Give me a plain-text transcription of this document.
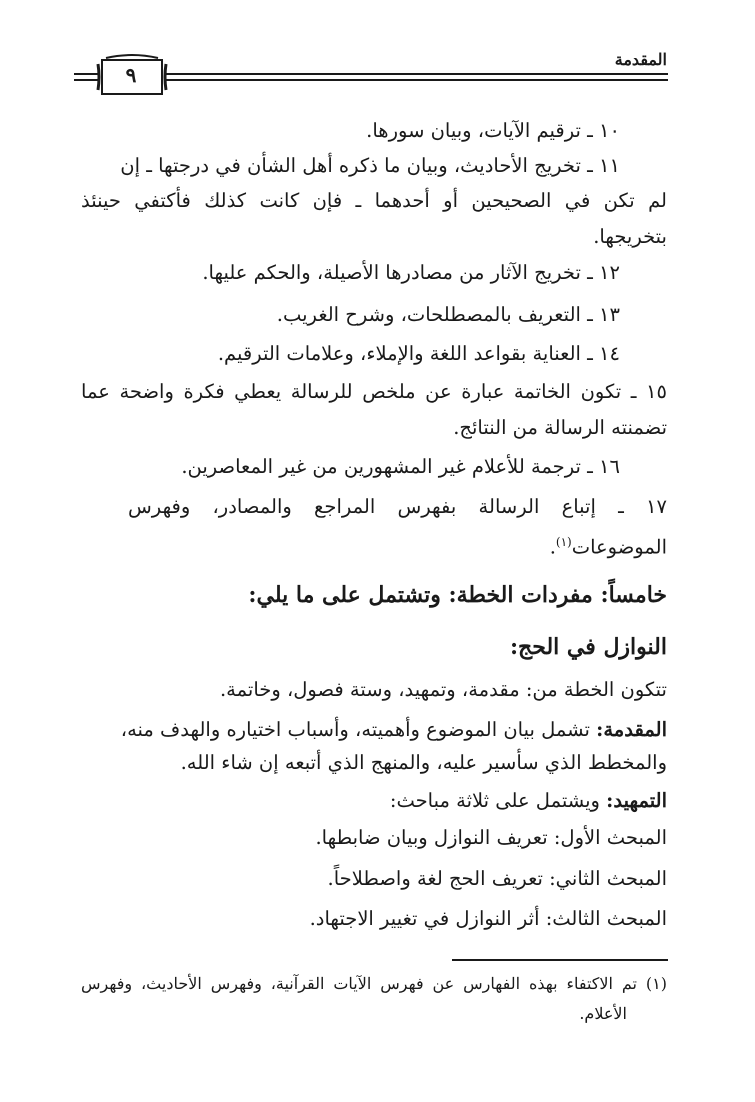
المقدمة
٩
١٠ ـ ترقيم الآيات، وبيان سورها.
١١ ـ تخريج الأحاديث، وبيان ما ذكره أهل الشأن في درجتها ـ إن
لم تكن في الصحيحين أو أحدهما ـ فإن كانت كذلك فأكتفي حينئذ
بتخريجها.
١٢ ـ تخريج الآثار من مصادرها الأصيلة، والحكم عليها.
١٣ ـ التعريف بالمصطلحات، وشرح الغريب.
١٤ ـ العناية بقواعد اللغة والإملاء، وعلامات الترقيم.
١٥ ـ تكون الخاتمة عبارة عن ملخص للرسالة يعطي فكرة واضحة عما
تضمنته الرسالة من النتائج.
١٦ ـ ترجمة للأعلام غير المشهورين من غير المعاصرين.
١٧ ـ إتباع الرسالة بفهرس المراجع والمصادر، وفهرس
الموضوعات$^{(١)}$.
خامساً: مفردات الخطة: وتشتمل على ما يلي:
النوازل في الحج:
تتكون الخطة من: مقدمة، وتمهيد، وستة فصول، وخاتمة.
المقدمة: تشمل بيان الموضوع وأهميته، وأسباب اختياره والهدف منه،
والمخطط الذي سأسير عليه، والمنهج الذي أتبعه إن شاء الله.
التمهيد: ويشتمل على ثلاثة مباحث:
المبحث الأول: تعريف النوازل وبيان ضابطها.
المبحث الثاني: تعريف الحج لغة واصطلاحاً.
المبحث الثالث: أثر النوازل في تغيير الاجتهاد.
(١) تم الاكتفاء بهذه الفهارس عن فهرس الآيات القرآنية، وفهرس الأحاديث، وفهرس
الأعلام.
